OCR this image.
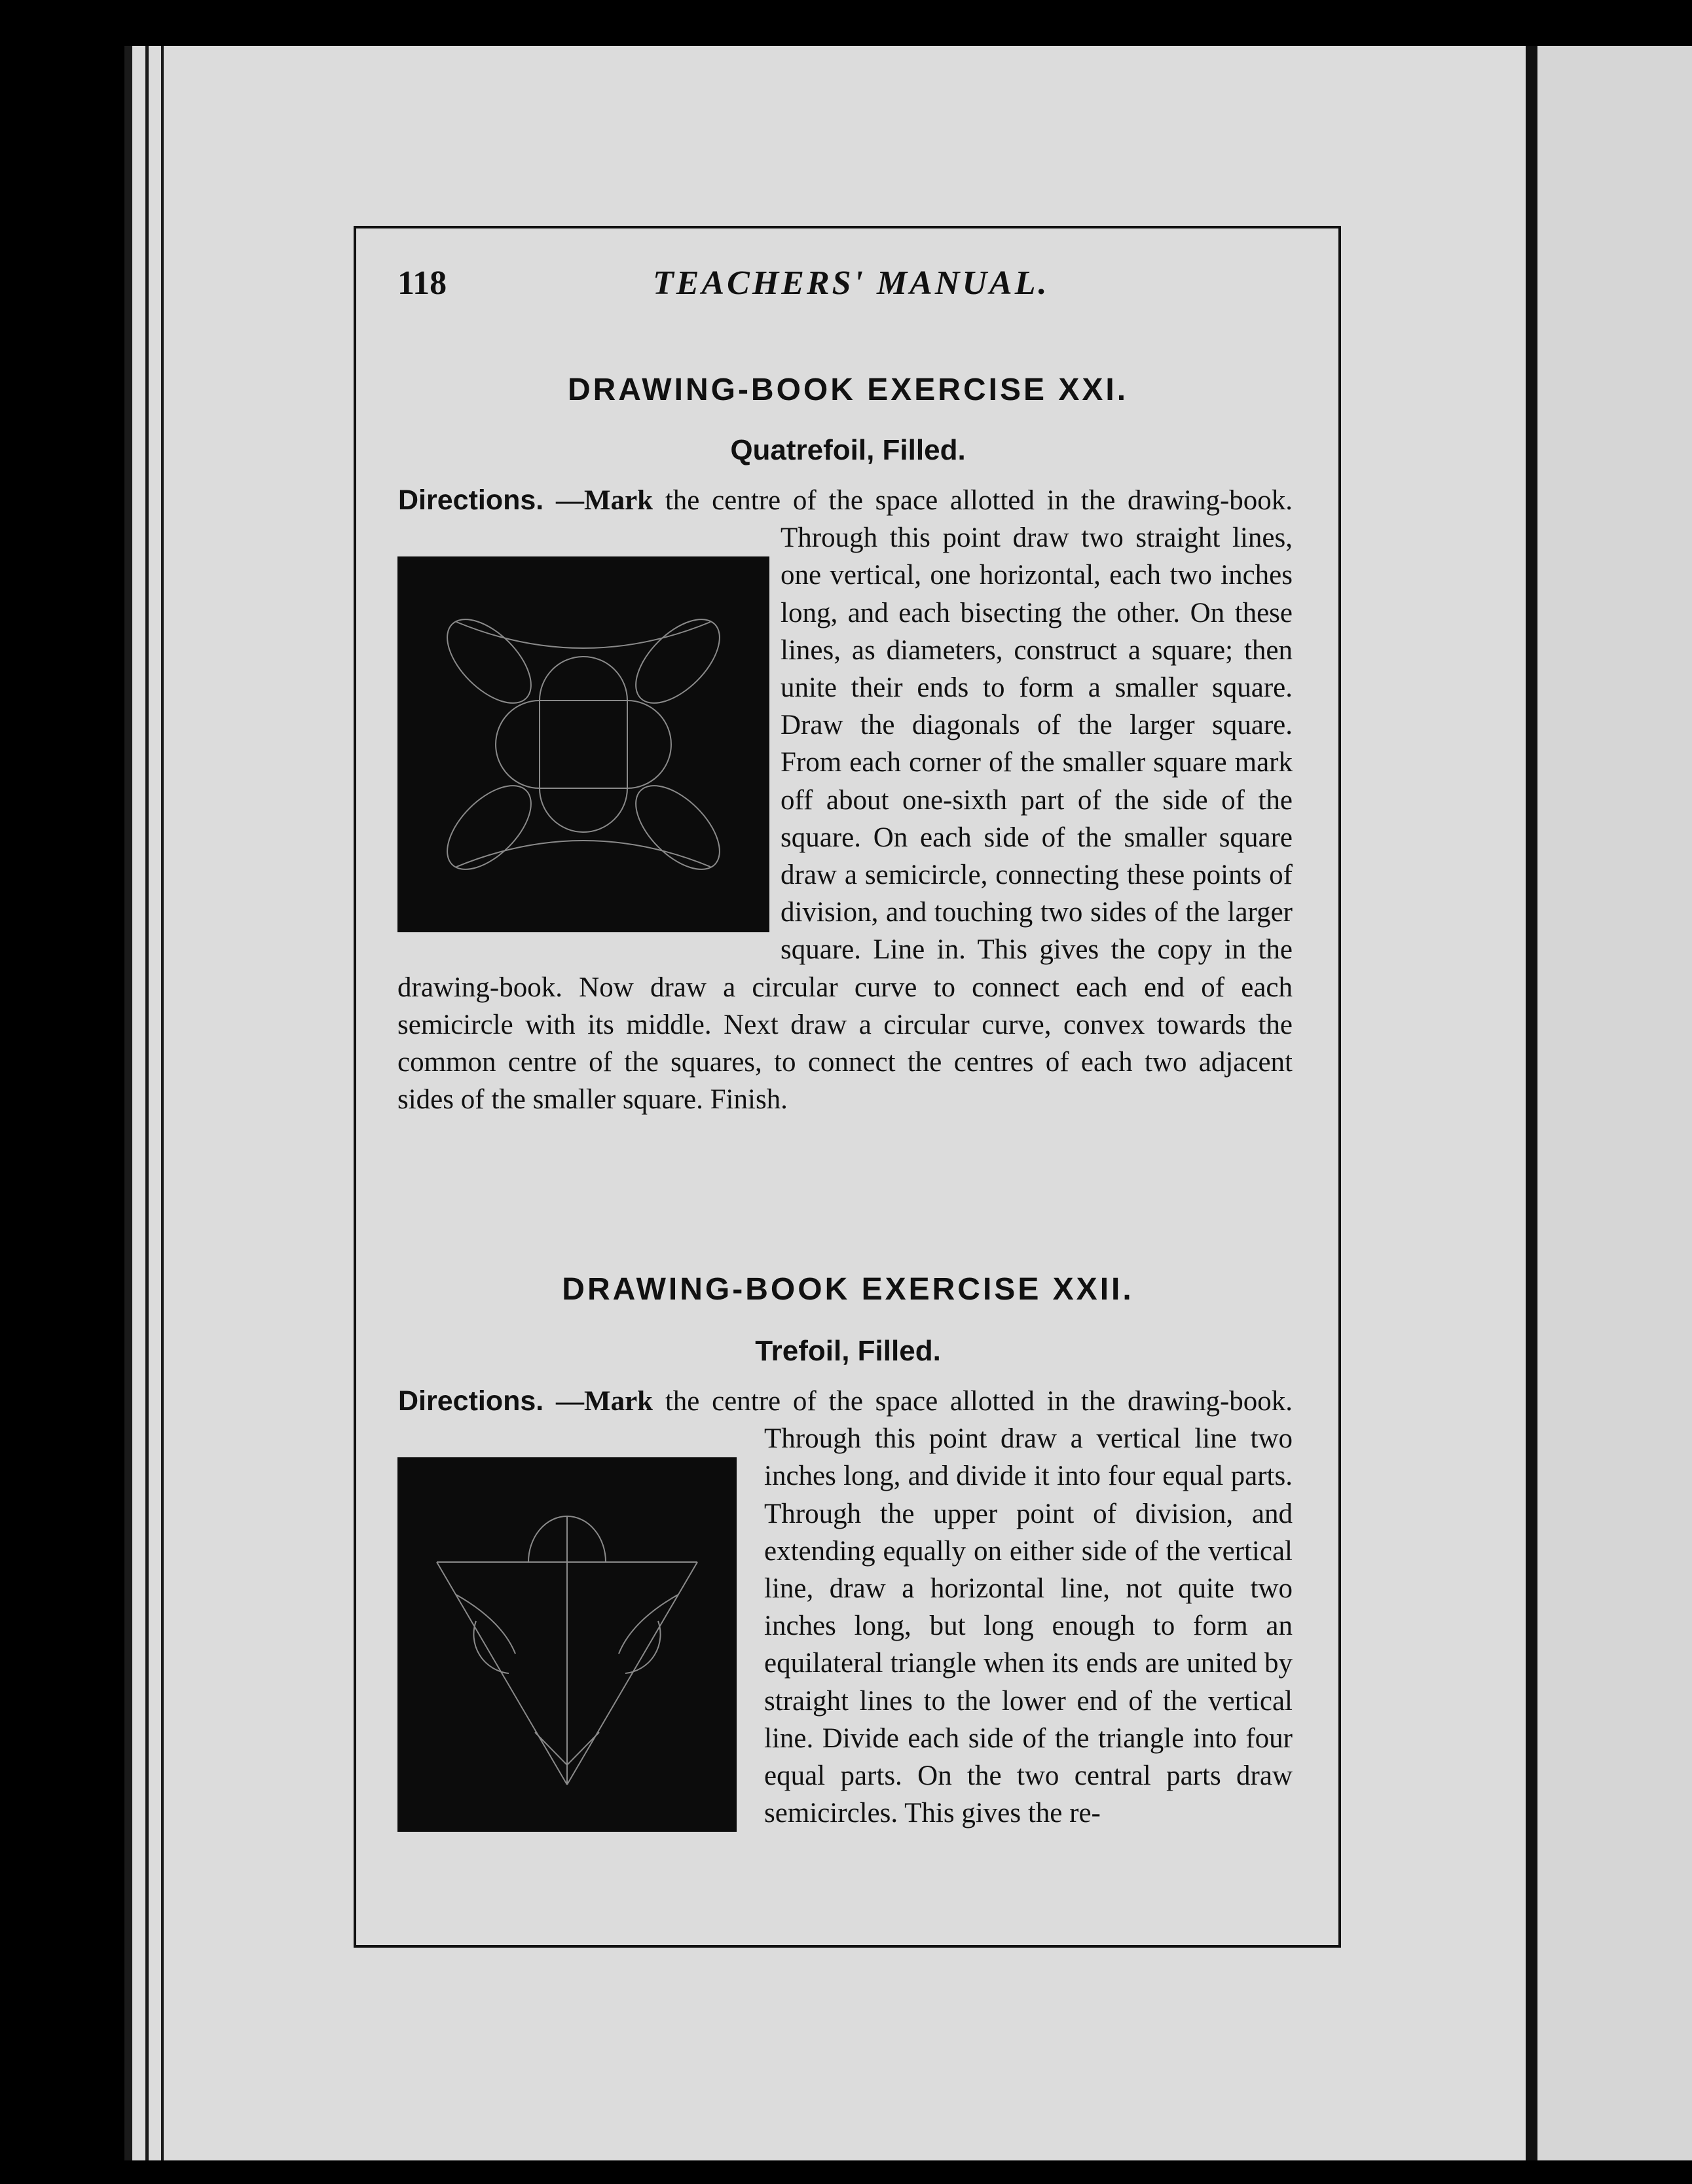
118	TEACHERS' MANUAL.
DRAWING-BOOK EXERCISE XXI.
Quatrefoil, Filled.
Directions. —Mark the centre of the space allotted in the drawing-book. Through this point draw two straight lines, one vertical, one horizontal, each two inches long, and each bisecting the other. On these lines, as diameters, construct a square; then unite their ends to form a smaller square. Draw the diagonals of the larger square. From each corner of the smaller square mark off about one-sixth part of the side of the square. On each side of the smaller square draw a semicircle, connecting these points of division, and touching two sides of the larger square. Line in. This gives the copy in the drawing-book. Now draw a circular curve to connect each end of each semicircle with its middle. Next draw a circular curve, convex towards the common centre of the squares, to connect the centres of each two adjacent sides of the smaller square. Finish.
DRAWING-BOOK EXERCISE XXII.
Trefoil, Filled.
Directions. —Mark the centre of the space allotted in the drawing-book. Through this point draw a vertical line two inches long, and divide it into four equal parts. Through the upper point of division, and extending equally on either side of the vertical line, draw a horizontal line, not quite two inches long, but long enough to form an equilateral triangle when its ends are united by straight lines to the lower end of the vertical line. Divide each side of the triangle into four equal parts. On the two central parts draw semicircles. This gives the re-
